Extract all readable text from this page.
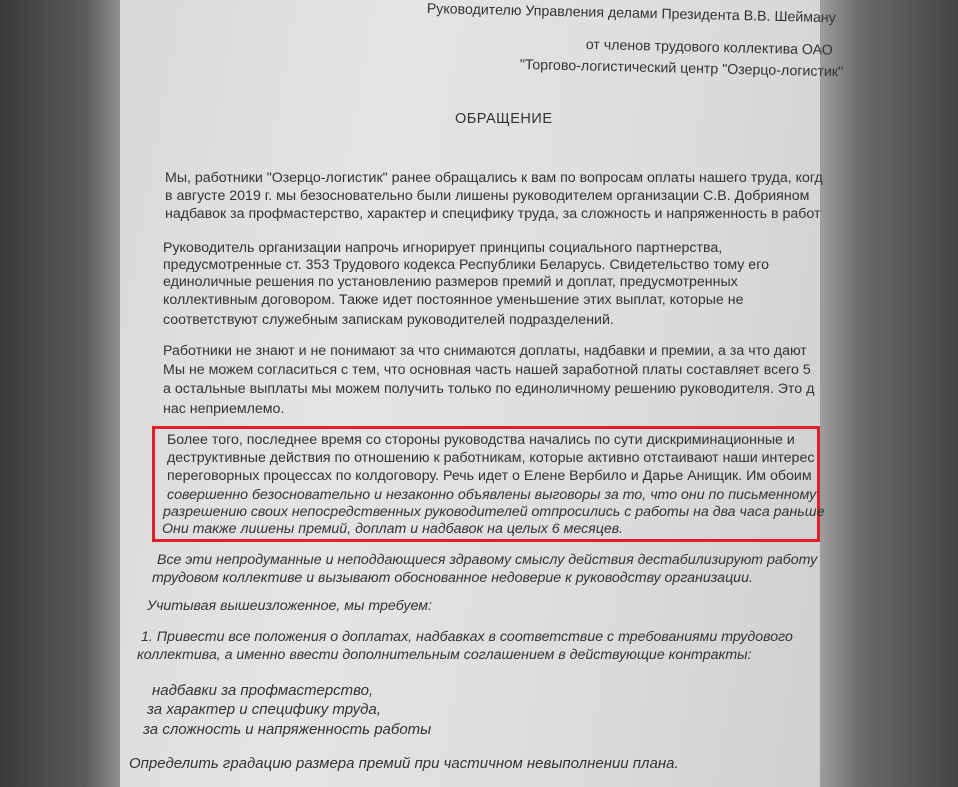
Руководителю Управления делами Президента В.В. Шейману
от членов трудового коллектива ОАО
"Торгово-логистический центр "Озерцо-логистик"
ОБРАЩЕНИЕ
Мы, работники "Озерцо-логистик" ранее обращались к вам по вопросам оплаты нашего труда, когд
в августе 2019 г. мы безосновательно были лишены руководителем организации С.В. Добрияном
надбавок за профмастерство, характер и специфику труда, за сложность и напряженность в работ
Руководитель организации напрочь игнорирует принципы социального партнерства,
предусмотренные ст. 353 Трудового кодекса Республики Беларусь. Свидетельство тому его
единоличные решения по установлению размеров премий и доплат, предусмотренных
коллективным договором. Также идет постоянное уменьшение этих выплат, которые не
соответствуют служебным запискам руководителей подразделений.
Работники не знают и не понимают за что снимаются доплаты, надбавки и премии, а за что дают
Мы не можем согласиться с тем, что основная часть нашей заработной платы составляет всего 5
а остальные выплаты мы можем получить только по единоличному решению руководителя. Это д
нас неприемлемо.
Более того, последнее время со стороны руководства начались по сути дискриминационные и
деструктивные действия по отношению к работникам, которые активно отстаивают наши интерес
переговорных процессах по колдоговору. Речь идет о Елене Вербило и Дарье Анищик. Им обоим
совершенно безосновательно и незаконно объявлены выговоры за то, что они по письменному
разрешению своих непосредственных руководителей отпросились с работы на два часа раньше
Они также лишены премий, доплат и надбавок на целых 6 месяцев.
Все эти непродуманные и неподдающиеся здравому смыслу действия дестабилизируют работу
трудовом коллективе и вызывают обоснованное недоверие к руководству организации.
Учитывая вышеизложенное, мы требуем:
1. Привести все положения о доплатах, надбавках в соответствие с требованиями трудового
коллектива, а именно ввести дополнительным соглашением в действующие контракты:
надбавки за профмастерство,
за характер и специфику труда,
за сложность и напряженность работы
Определить градацию размера премий при частичном невыполнении плана.
